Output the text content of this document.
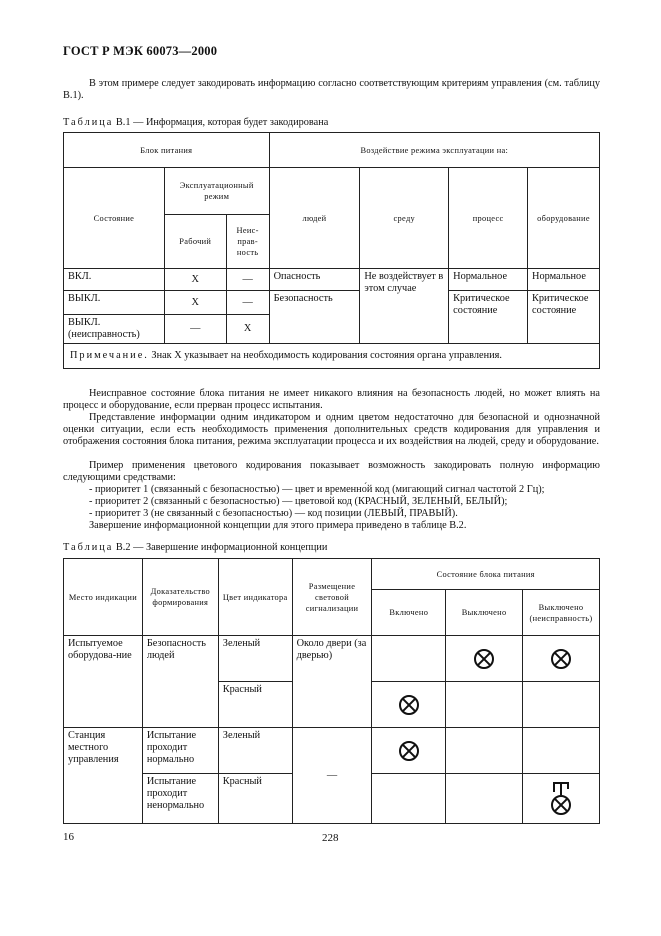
ГОСТ Р МЭК 60073—2000
В этом примере следует закодировать информацию согласно соответствующим критериям управления (см. таблицу В.1).
Таблица В.1 — Информация, которая будет закодирована
Блок питания			Воздействие режима эксплуатации на:			
Состояние	Эксплуатационный режим		людей	среду	процесс	оборудование
	Рабочий	Неис-прав-ность				
ВКЛ.	X	—	Опасность	Не воздействует в этом случае	Нормальное	Нормальное
ВЫКЛ.	X	—	Безопасность		Критическое состояние	Критическое состояние
ВЫКЛ. (неисправность)	—	X				
Примечание. Знак X указывает на необходимость кодирования состояния органа управления.						
Неисправное состояние блока питания не имеет никакого влияния на безопасность людей, но может влиять на процесс и оборудование, если прерван процесс испытания.
Представление информации одним индикатором и одним цветом недостаточно для безопасной и однозначной оценки ситуации, если есть необходимость применения дополнительных средств кодирования для управления и отображения состояния блока питания, режима эксплуатации процесса и их воздействия на людей, среду и оборудование.
Пример применения цветового кодирования показывает возможность закодировать полную информацию следующими средствами:
- приоритет 1 (связанный с безопасностью) — цвет и временно́й код (мигающий сигнал частотой 2 Гц);
- приоритет 2 (связанный с безопасностью) — цветовой код (КРАСНЫЙ, ЗЕЛЕНЫЙ, БЕЛЫЙ);
- приоритет 3 (не связанный с безопасностью) — код позиции (ЛЕВЫЙ, ПРАВЫЙ).
Завершение информационной концепции для этого примера приведено в таблице В.2.
Таблица В.2 — Завершение информационной концепции
Место индикации	Доказательство формирования	Цвет индикатора	Размещение световой сигнализации	Состояние блока питания		
				Включено	Выключено	Выключено (неисправность)
Испытуемое оборудова-ние	Безопасность людей	Зеленый	Около двери (за дверью)		

		Красный	

Станция местного управления	Испытание проходит нормально	Зеленый	—	

	Испытание проходит ненормально	Красный			
16	228
